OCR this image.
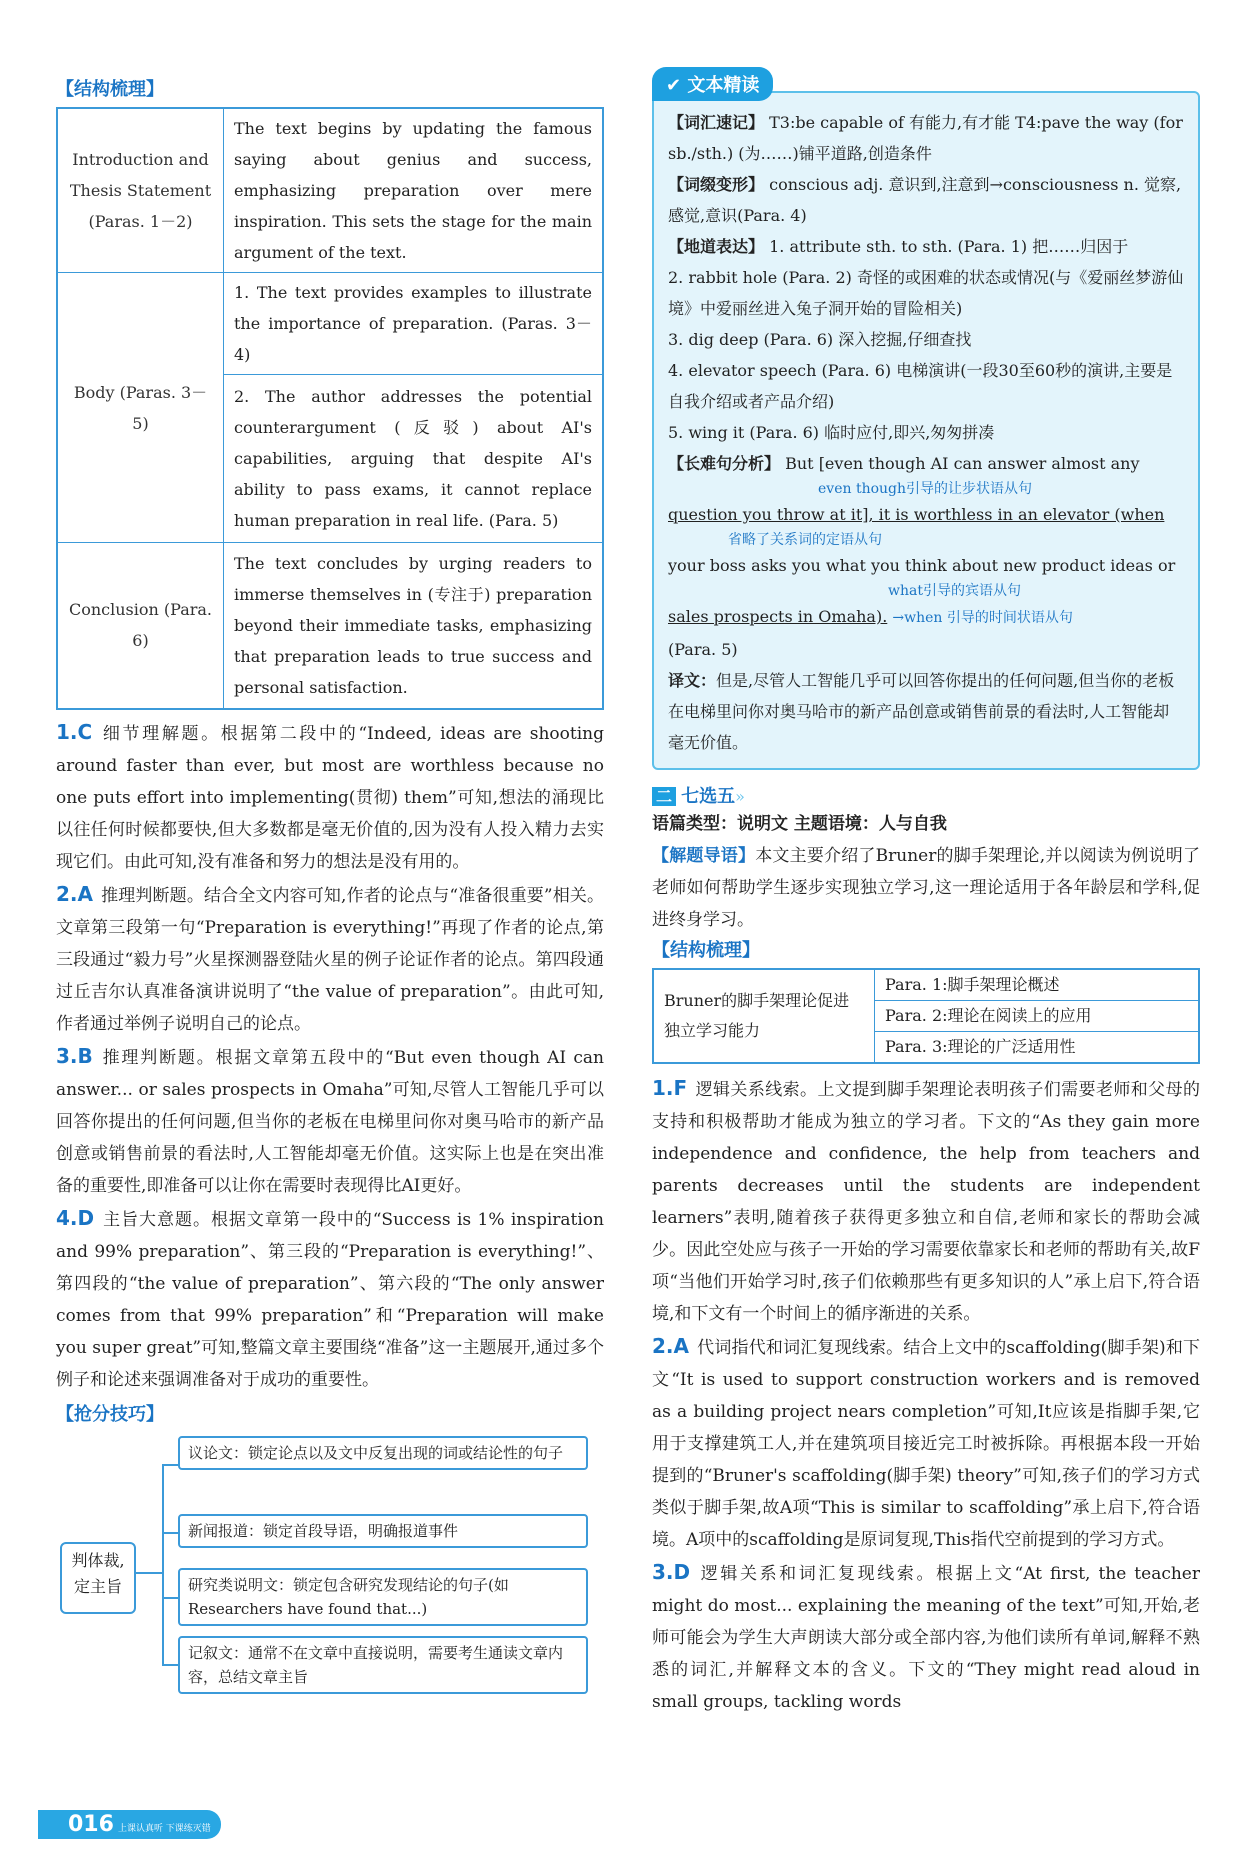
【结构梳理】
Introduction and Thesis Statement (Paras. 1－2)	The text begins by updating the famous saying about genius and success, emphasizing preparation over mere inspiration. This sets the stage for the main argument of the text.
Body (Paras. 3－5)	1. The text provides examples to illustrate the importance of preparation. (Paras. 3－4)
	2. The author addresses the potential counterargument (反驳) about AI's capabilities, arguing that despite AI's ability to pass exams, it cannot replace human preparation in real life. (Para. 5)
Conclusion (Para. 6)	The text concludes by urging readers to immerse themselves in (专注于) preparation beyond their immediate tasks, emphasizing that preparation leads to true success and personal satisfaction.

1.C 细节理解题。根据第二段中的“Indeed, ideas are shooting around faster than ever, but most are worthless because no one puts effort into implementing(贯彻) them”可知,想法的涌现比以往任何时候都要快,但大多数都是毫无价值的,因为没有人投入精力去实现它们。由此可知,没有准备和努力的想法是没有用的。

2.A 推理判断题。结合全文内容可知,作者的论点与“准备很重要”相关。文章第三段第一句“Preparation is everything!”再现了作者的论点,第三段通过“毅力号”火星探测器登陆火星的例子论证作者的论点。第四段通过丘吉尔认真准备演讲说明了“the value of preparation”。由此可知,作者通过举例子说明自己的论点。

3.B 推理判断题。根据文章第五段中的“But even though AI can answer... or sales prospects in Omaha”可知,尽管人工智能几乎可以回答你提出的任何问题,但当你的老板在电梯里问你对奥马哈市的新产品创意或销售前景的看法时,人工智能却毫无价值。这实际上也是在突出准备的重要性,即准备可以让你在需要时表现得比AI更好。

4.D 主旨大意题。根据文章第一段中的“Success is 1% inspiration and 99% preparation”、第三段的“Preparation is everything!”、第四段的“the value of preparation”、第六段的“The only answer comes from that 99% preparation”和“Preparation will make you super great”可知,整篇文章主要围绕“准备”这一主题展开,通过多个例子和论述来强调准备对于成功的重要性。

【抢分技巧】
判体裁, 定主旨
议论文：锁定论点以及文中反复出现的词或结论性的句子
新闻报道：锁定首段导语，明确报道事件
研究类说明文：锁定包含研究发现结论的句子(如Researchers have found that...)
记叙文：通常不在文章中直接说明，需要考生通读文章内容，总结文章主旨
✔ 文本精读
【词汇速记】 T3:be capable of 有能力,有才能 T4:pave the way (for sb./sth.) (为……)铺平道路,创造条件
【词缀变形】 conscious adj. 意识到,注意到→consciousness n. 觉察,感觉,意识(Para. 4)
【地道表达】 1. attribute sth. to sth. (Para. 1) 把……归因于
2. rabbit hole (Para. 2) 奇怪的或困难的状态或情况(与《爱丽丝梦游仙境》中爱丽丝进入兔子洞开始的冒险相关)
3. dig deep (Para. 6) 深入挖掘,仔细查找
4. elevator speech (Para. 6) 电梯演讲(一段30至60秒的演讲,主要是自我介绍或者产品介绍)
5. wing it (Para. 6) 临时应付,即兴,匆匆拼凑
【长难句分析】 But [even though AI can answer almost any
even though引导的让步状语从句
question you throw at it], it is worthless in an elevator (when
省略了关系词的定语从句
your boss asks you what you think about new product ideas or
what引导的宾语从句
sales prospects in Omaha). →when 引导的时间状语从句
(Para. 5)
译文：但是,尽管人工智能几乎可以回答你提出的任何问题,但当你的老板在电梯里问你对奥马哈市的新产品创意或销售前景的看法时,人工智能却毫无价值。
二 七选五»

语篇类型：说明文 主题语境：人与自我

【解题导语】本文主要介绍了Bruner的脚手架理论,并以阅读为例说明了老师如何帮助学生逐步实现独立学习,这一理论适用于各年龄层和学科,促进终身学习。

【结构梳理】
Bruner的脚手架理论促进独立学习能力	Para. 1:脚手架理论概述
Para. 2:理论在阅读上的应用
Para. 3:理论的广泛适用性

1.F 逻辑关系线索。上文提到脚手架理论表明孩子们需要老师和父母的支持和积极帮助才能成为独立的学习者。下文的“As they gain more independence and confidence, the help from teachers and parents decreases until the students are independent learners”表明,随着孩子获得更多独立和自信,老师和家长的帮助会减少。因此空处应与孩子一开始的学习需要依靠家长和老师的帮助有关,故F项“当他们开始学习时,孩子们依赖那些有更多知识的人”承上启下,符合语境,和下文有一个时间上的循序渐进的关系。

2.A 代词指代和词汇复现线索。结合上文中的scaffolding(脚手架)和下文“It is used to support construction workers and is removed as a building project nears completion”可知,It应该是指脚手架,它用于支撑建筑工人,并在建筑项目接近完工时被拆除。再根据本段一开始提到的“Bruner's scaffolding(脚手架) theory”可知,孩子们的学习方式类似于脚手架,故A项“This is similar to scaffolding”承上启下,符合语境。A项中的scaffolding是原词复现,This指代空前提到的学习方式。

3.D 逻辑关系和词汇复现线索。根据上文“At first, the teacher might do most... explaining the meaning of the text”可知,开始,老师可能会为学生大声朗读大部分或全部内容,为他们读所有单词,解释不熟悉的词汇,并解释文本的含义。下文的“They might read aloud in small groups, tackling words

016 上课认真听 下课练灭错
